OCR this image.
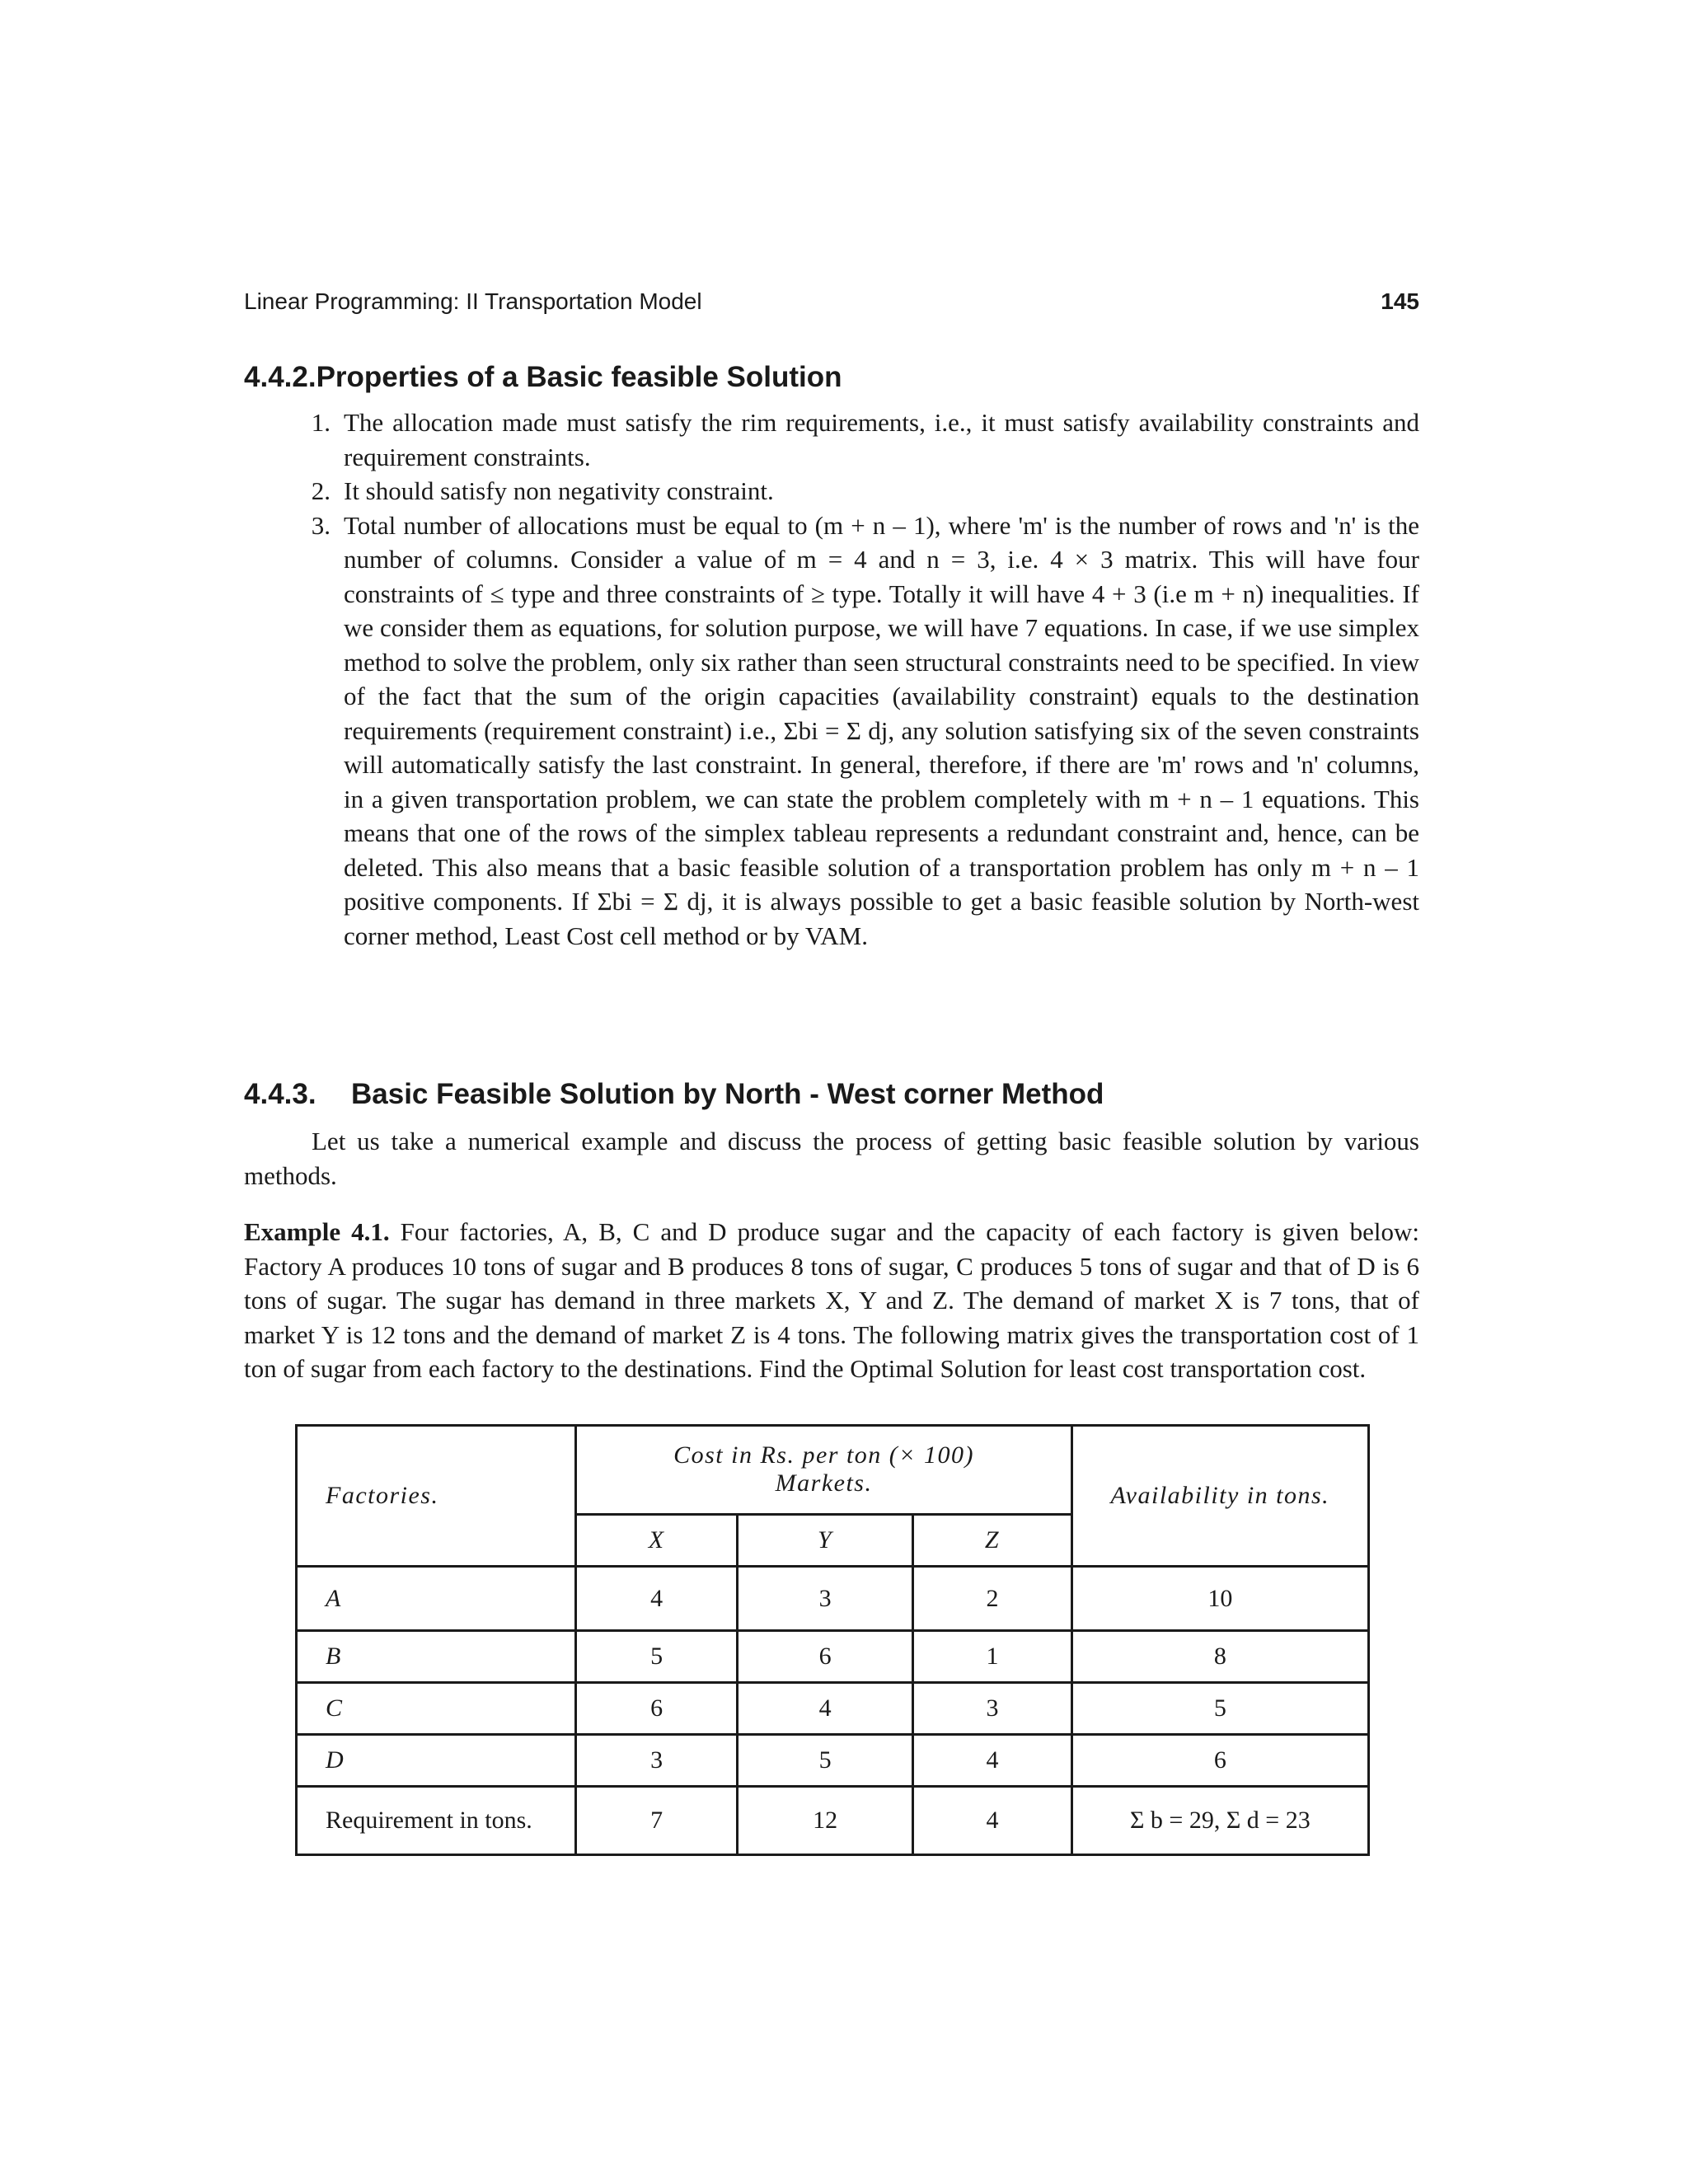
Linear Programming: II Transportation Model	145
4.4.2.Properties of a Basic feasible Solution
1. The allocation made must satisfy the rim requirements, i.e., it must satisfy availability constraints and requirement constraints.
2. It should satisfy non negativity constraint.
3. Total number of allocations must be equal to (m + n – 1), where 'm' is the number of rows and 'n' is the number of columns. Consider a value of m = 4 and n = 3, i.e. 4 × 3 matrix. This will have four constraints of ≤ type and three constraints of ≥ type. Totally it will have 4 + 3 (i.e m + n) inequalities. If we consider them as equations, for solution purpose, we will have 7 equations. In case, if we use simplex method to solve the problem, only six rather than seen structural constraints need to be specified. In view of the fact that the sum of the origin capacities (availability constraint) equals to the destination requirements (requirement constraint) i.e., Σbi = Σ dj, any solution satisfying six of the seven constraints will automatically satisfy the last constraint. In general, therefore, if there are 'm' rows and 'n' columns, in a given transportation problem, we can state the problem completely with m + n – 1 equations. This means that one of the rows of the simplex tableau represents a redundant constraint and, hence, can be deleted. This also means that a basic feasible solution of a transportation problem has only m + n – 1 positive components. If Σbi = Σ dj, it is always possible to get a basic feasible solution by North-west corner method, Least Cost cell method or by VAM.
4.4.3. Basic Feasible Solution by North - West corner Method

Let us take a numerical example and discuss the process of getting basic feasible solution by various methods.

Example 4.1. Four factories, A, B, C and D produce sugar and the capacity of each factory is given below: Factory A produces 10 tons of sugar and B produces 8 tons of sugar, C produces 5 tons of sugar and that of D is 6 tons of sugar. The sugar has demand in three markets X, Y and Z. The demand of market X is 7 tons, that of market Y is 12 tons and the demand of market Z is 4 tons. The following matrix gives the transportation cost of 1 ton of sugar from each factory to the destinations. Find the Optimal Solution for least cost transportation cost.

Factories.	Cost in Rs. per ton (× 100)
Markets.			Availability in tons.
	X	Y	Z	
A	4	3	2	10
B	5	6	1	8
C	6	4	3	5
D	3	5	4	6
Requirement in tons.	7	12	4	Σ b = 29, Σ d = 23
